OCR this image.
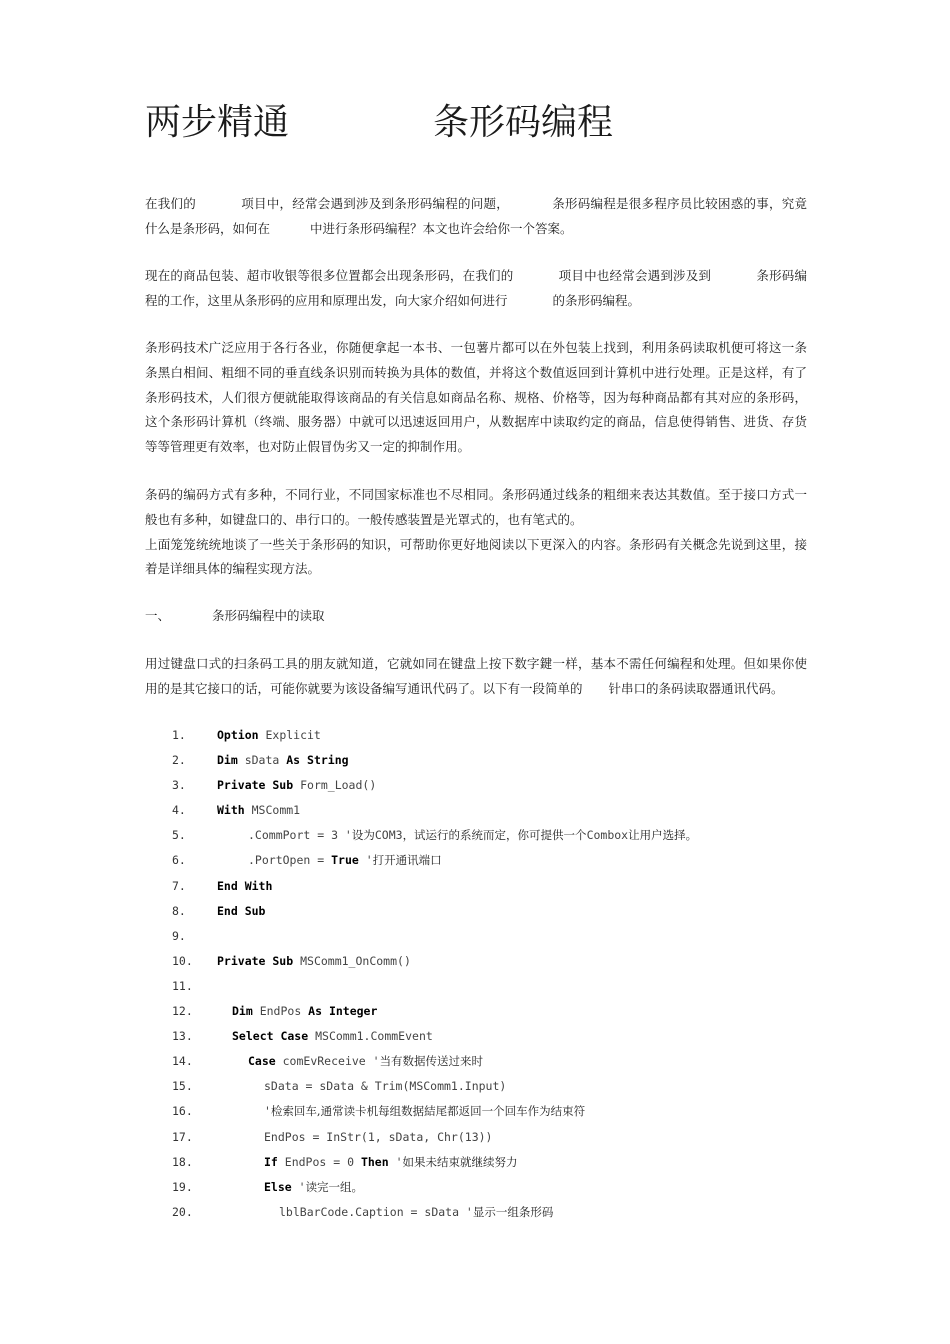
两步精通	条形码编程
在我们的	项目中，经常会遇到涉及到条形码编程的问题，	条形码编程是很多程序员比较困惑的事，究竟什么是条形码，如何在	中进行条形码编程？本文也许会给你一个答案。
现在的商品包装、超市收银等很多位置都会出现条形码，在我们的	项目中也经常会遇到涉及到	条形码编程的工作，这里从条形码的应用和原理出发，向大家介绍如何进行	的条形码编程。
条形码技术广泛应用于各行各业，你随便拿起一本书、一包薯片都可以在外包装上找到，利用条码读取机便可将这一条条黑白相间、粗细不同的垂直线条识别而转换为具体的数值，并将这个数值返回到计算机中进行处理。正是这样，有了条形码技术，人们很方便就能取得该商品的有关信息如商品名称、规格、价格等，因为每种商品都有其对应的条形码，这个条形码计算机（终端、服务器）中就可以迅速返回用户，从数据库中读取约定的商品，信息使得销售、进货、存货等等管理更有效率，也对防止假冒伪劣又一定的抑制作用。
条码的编码方式有多种，不同行业，不同国家标准也不尽相同。条形码通过线条的粗细来表达其数值。至于接口方式一般也有多种，如键盘口的、串行口的。一般传感装置是光罩式的，也有笔式的。
上面笼笼统统地谈了一些关于条形码的知识，可帮助你更好地阅读以下更深入的内容。条形码有关概念先说到这里，接着是详细具体的编程实现方法。
一、	条形码编程中的读取
用过键盘口式的扫条码工具的朋友就知道，它就如同在键盘上按下数字鍵一样，基本不需任何编程和处理。但如果你使用的是其它接口的话，可能你就要为该设备编写通讯代码了。以下有一段简单的 针串口的条码读取器通讯代码。
1.	Option Explicit
2.	Dim sData As String
3.	Private Sub Form_Load()
4.	With MSComm1
5.	.CommPort = 3 '设为COM3，试运行的系统而定，你可提供一个Combox让用户选择。
6.	.PortOpen = True '打开通讯端口
7.	End With
8.	End Sub
9.
10. Private Sub MSComm1_OnComm()
11.
12.	Dim EndPos As Integer
13.	Select Case MSComm1.CommEvent
14.	Case comEvReceive '当有数据传送过来时
15.	sData = sData & Trim(MSComm1.Input)
16.	'检索回车,通常读卡机每组数据結尾都返回一个回车作为结束符
17.	EndPos = InStr(1, sData, Chr(13))
18.	If EndPos = 0 Then '如果未结束就继续努力
19.	Else '读完一组。
20.	lblBarCode.Caption = sData '显示一组条形码
